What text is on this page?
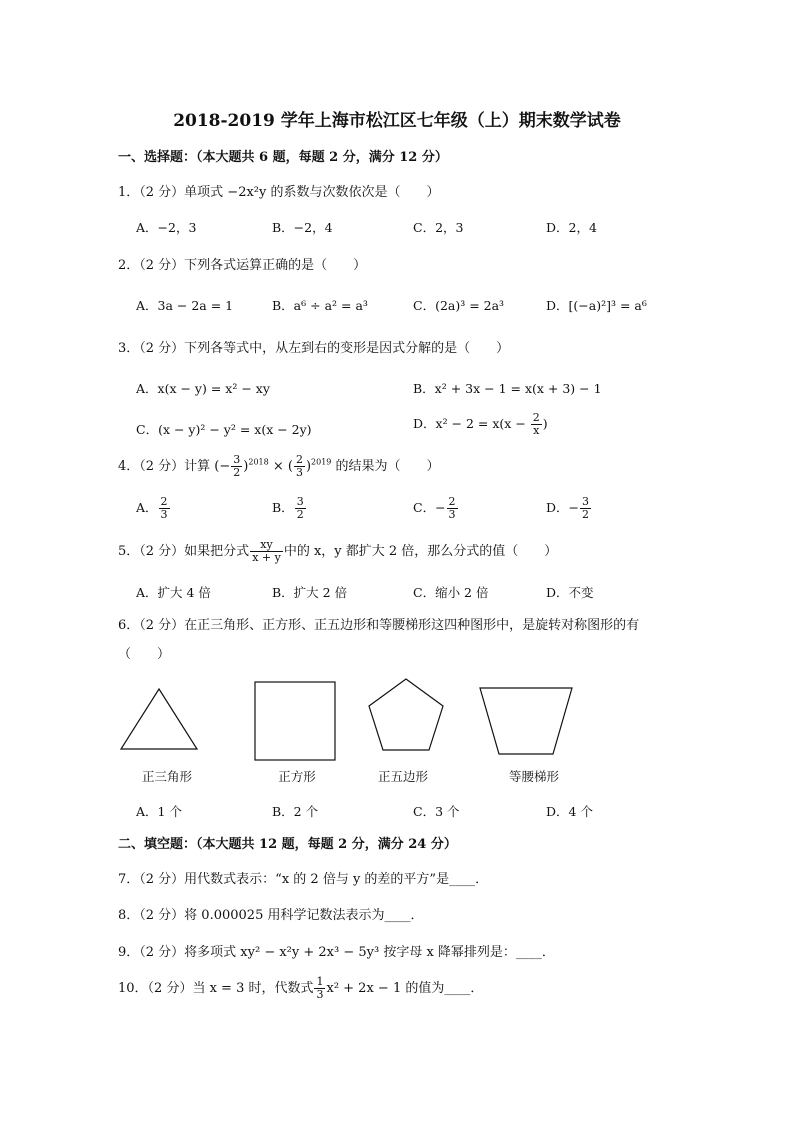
2018-2019 学年上海市松江区七年级（上）期末数学试卷
一、选择题：（本大题共 6 题，每题 2 分，满分 12 分）
1．（2 分）单项式 −2x²y 的系数与次数依次是（　　）
A．−2，3	B．−2，4	C．2，3	D．2，4
2．（2 分）下列各式运算正确的是（　　）
A．3a − 2a = 1	B．a⁶ ÷ a² = a³	C．(2a)³ = 2a³	D．[(−a)²]³ = a⁶
3．（2 分）下列各等式中，从左到右的变形是因式分解的是（　　）
A．x(x − y) = x² − xy	B．x² + 3x − 1 = x(x + 3) − 1
C．(x − y)² − y² = x(x − 2y)	D．$x^2 - 2 = x(x - \frac{2}{x}$ )
4．（2 分）计算 (− $\frac{3}{2} )^{2018}$ × ( $\frac{2}{3} )^{2019}$ 的结果为（　　）
A． $\frac{2}{3}$	B． $\frac{3}{2}$	C．− $\frac{2}{3}$	D．− $\frac{3}{2}$
5．（2 分）如果把分式 $\frac{xy}{x + y}$ 中的 x，y 都扩大 2 倍，那么分式的值（　　）
A．扩大 4 倍	B．扩大 2 倍	C．缩小 2 倍	D．不变
6．（2 分）在正三角形、正方形、正五边形和等腰梯形这四种图形中，是旋转对称图形的有
（　　）
正三角形	正方形	正五边形	等腰梯形
A．1 个	B．2 个	C．3 个	D．4 个
二、填空题：（本大题共 12 题，每题 2 分，满分 24 分）
7．（2 分）用代数式表示：“x 的 2 倍与 y 的差的平方”是____．
8．（2 分）将 0.000025 用科学记数法表示为____．
9．（2 分）将多项式 xy² − x²y + 2x³ − 5y³ 按字母 x 降幂排列是：____．
10．（2 分）当 x = 3 时，代数式 $\frac{1}{3} x^2 + 2x - 1$ 的值为____．
